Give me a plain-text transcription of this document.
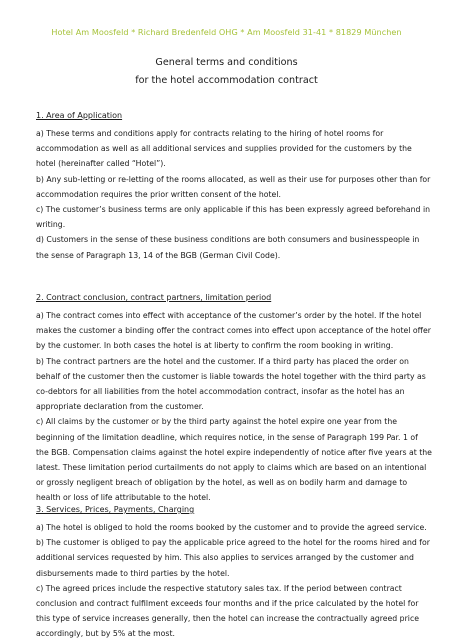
Hotel Am Moosfeld * Richard Bredenfeld OHG * Am Moosfeld 31-41 * 81829 München
General terms and conditions
for the hotel accommodation contract
1. Area of Application
a) These terms and conditions apply for contracts relating to the hiring of hotel rooms for
accommodation as well as all additional services and supplies provided for the customers by the
hotel (hereinafter called “Hotel”).
b) Any sub-letting or re-letting of the rooms allocated, as well as their use for purposes other than for
accommodation requires the prior written consent of the hotel.
c) The customer’s business terms are only applicable if this has been expressly agreed beforehand in
writing.
d) Customers in the sense of these business conditions are both consumers and businesspeople in
the sense of Paragraph 13, 14 of the BGB (German Civil Code).
2. Contract conclusion, contract partners, limitation period
a) The contract comes into effect with acceptance of the customer’s order by the hotel. If the hotel
makes the customer a binding offer the contract comes into effect upon acceptance of the hotel offer
by the customer. In both cases the hotel is at liberty to confirm the room booking in writing.
b) The contract partners are the hotel and the customer. If a third party has placed the order on
behalf of the customer then the customer is liable towards the hotel together with the third party as
co-debtors for all liabilities from the hotel accommodation contract, insofar as the hotel has an
appropriate declaration from the customer.
c) All claims by the customer or by the third party against the hotel expire one year from the
beginning of the limitation deadline, which requires notice, in the sense of Paragraph 199 Par. 1 of
the BGB. Compensation claims against the hotel expire independently of notice after five years at the
latest. These limitation period curtailments do not apply to claims which are based on an intentional
or grossly negligent breach of obligation by the hotel, as well as on bodily harm and damage to
health or loss of life attributable to the hotel.
3. Services, Prices, Payments, Charging
a) The hotel is obliged to hold the rooms booked by the customer and to provide the agreed service.
b) The customer is obliged to pay the applicable price agreed to the hotel for the rooms hired and for
additional services requested by him. This also applies to services arranged by the customer and
disbursements made to third parties by the hotel.
c) The agreed prices include the respective statutory sales tax. If the period between contract
conclusion and contract fulfilment exceeds four months and if the price calculated by the hotel for
this type of service increases generally, then the hotel can increase the contractually agreed price
accordingly, but by 5% at the most.
